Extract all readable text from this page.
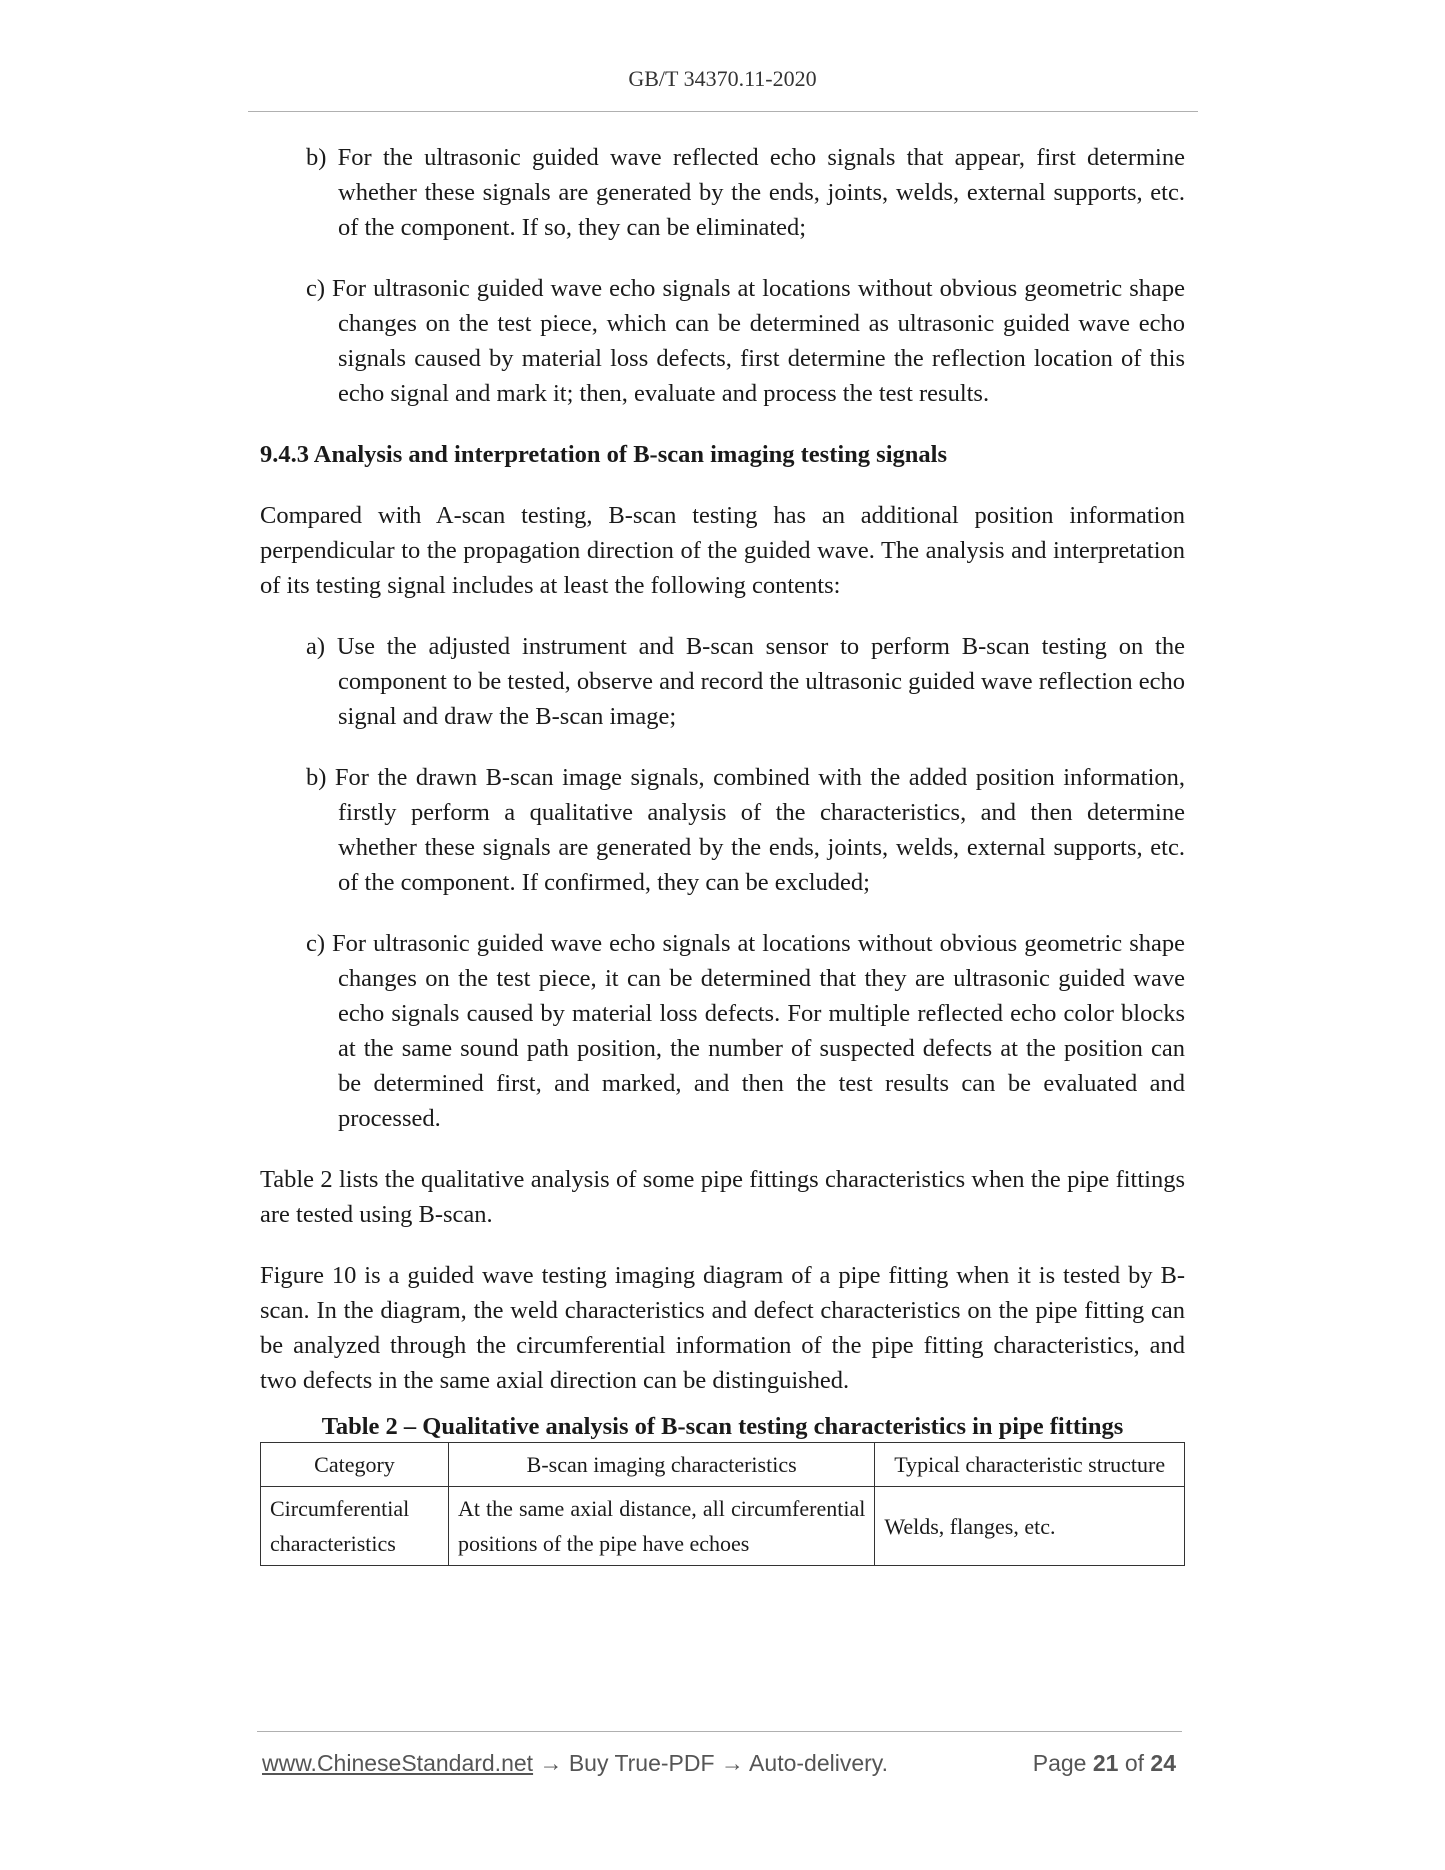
GB/T 34370.11-2020

b) For the ultrasonic guided wave reflected echo signals that appear, first determine whether these signals are generated by the ends, joints, welds, external supports, etc. of the component. If so, they can be eliminated;

c) For ultrasonic guided wave echo signals at locations without obvious geometric shape changes on the test piece, which can be determined as ultrasonic guided wave echo signals caused by material loss defects, first determine the reflection location of this echo signal and mark it; then, evaluate and process the test results.

9.4.3 Analysis and interpretation of B-scan imaging testing signals

Compared with A-scan testing, B-scan testing has an additional position information perpendicular to the propagation direction of the guided wave. The analysis and interpretation of its testing signal includes at least the following contents:

a) Use the adjusted instrument and B-scan sensor to perform B-scan testing on the component to be tested, observe and record the ultrasonic guided wave reflection echo signal and draw the B-scan image;

b) For the drawn B-scan image signals, combined with the added position information, firstly perform a qualitative analysis of the characteristics, and then determine whether these signals are generated by the ends, joints, welds, external supports, etc. of the component. If confirmed, they can be excluded;

c) For ultrasonic guided wave echo signals at locations without obvious geometric shape changes on the test piece, it can be determined that they are ultrasonic guided wave echo signals caused by material loss defects. For multiple reflected echo color blocks at the same sound path position, the number of suspected defects at the position can be determined first, and marked, and then the test results can be evaluated and processed.

Table 2 lists the qualitative analysis of some pipe fittings characteristics when the pipe fittings are tested using B-scan.

Figure 10 is a guided wave testing imaging diagram of a pipe fitting when it is tested by B-scan. In the diagram, the weld characteristics and defect characteristics on the pipe fitting can be analyzed through the circumferential information of the pipe fitting characteristics, and two defects in the same axial direction can be distinguished.

Table 2 – Qualitative analysis of B-scan testing characteristics in pipe fittings
Category	B-scan imaging characteristics	Typical characteristic structure
Circumferential characteristics	At the same axial distance, all circumferential positions of the pipe have echoes	Welds, flanges, etc.
www.ChineseStandard.net → Buy True-PDF → Auto-delivery.	Page 21 of 24
